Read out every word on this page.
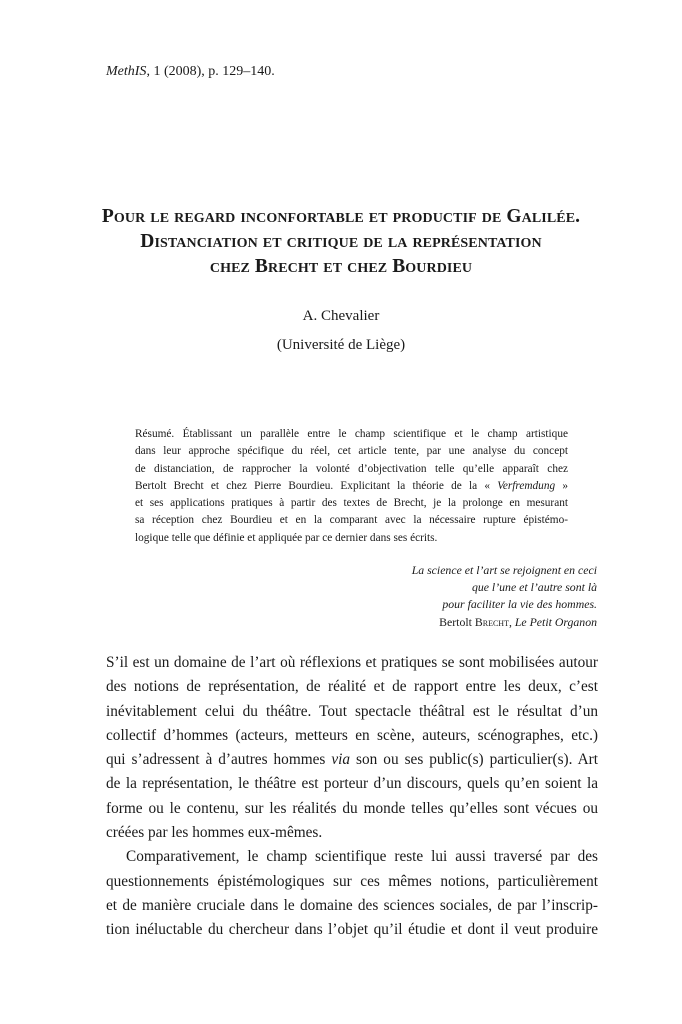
MethIS, 1 (2008), p. 129–140.
Pour le regard inconfortable et productif de Galilée.
Distanciation et critique de la représentation
chez Brecht et chez Bourdieu
A. Chevalier
(Université de Liège)
Résumé. Établissant un parallèle entre le champ scientifique et le champ artistique
dans leur approche spécifique du réel, cet article tente, par une analyse du concept
de distanciation, de rapprocher la volonté d’objectivation telle qu’elle apparaît chez
Bertolt Brecht et chez Pierre Bourdieu. Explicitant la théorie de la « Verfremdung »
et ses applications pratiques à partir des textes de Brecht, je la prolonge en mesurant
sa réception chez Bourdieu et en la comparant avec la nécessaire rupture épistémo-
logique telle que définie et appliquée par ce dernier dans ses écrits.
La science et l’art se rejoignent en ceci
que l’une et l’autre sont là
pour faciliter la vie des hommes.
Bertolt Brecht, Le Petit Organon
S’il est un domaine de l’art où réflexions et pratiques se sont mobilisées autour
des notions de représentation, de réalité et de rapport entre les deux, c’est
inévitablement celui du théâtre. Tout spectacle théâtral est le résultat d’un
collectif d’hommes (acteurs, metteurs en scène, auteurs, scénographes, etc.)
qui s’adressent à d’autres hommes via son ou ses public(s) particulier(s). Art
de la représentation, le théâtre est porteur d’un discours, quels qu’en soient la
forme ou le contenu, sur les réalités du monde telles qu’elles sont vécues ou
créées par les hommes eux-mêmes.
Comparativement, le champ scientifique reste lui aussi traversé par des
questionnements épistémologiques sur ces mêmes notions, particulièrement
et de manière cruciale dans le domaine des sciences sociales, de par l’inscrip-
tion inéluctable du chercheur dans l’objet qu’il étudie et dont il veut produire
